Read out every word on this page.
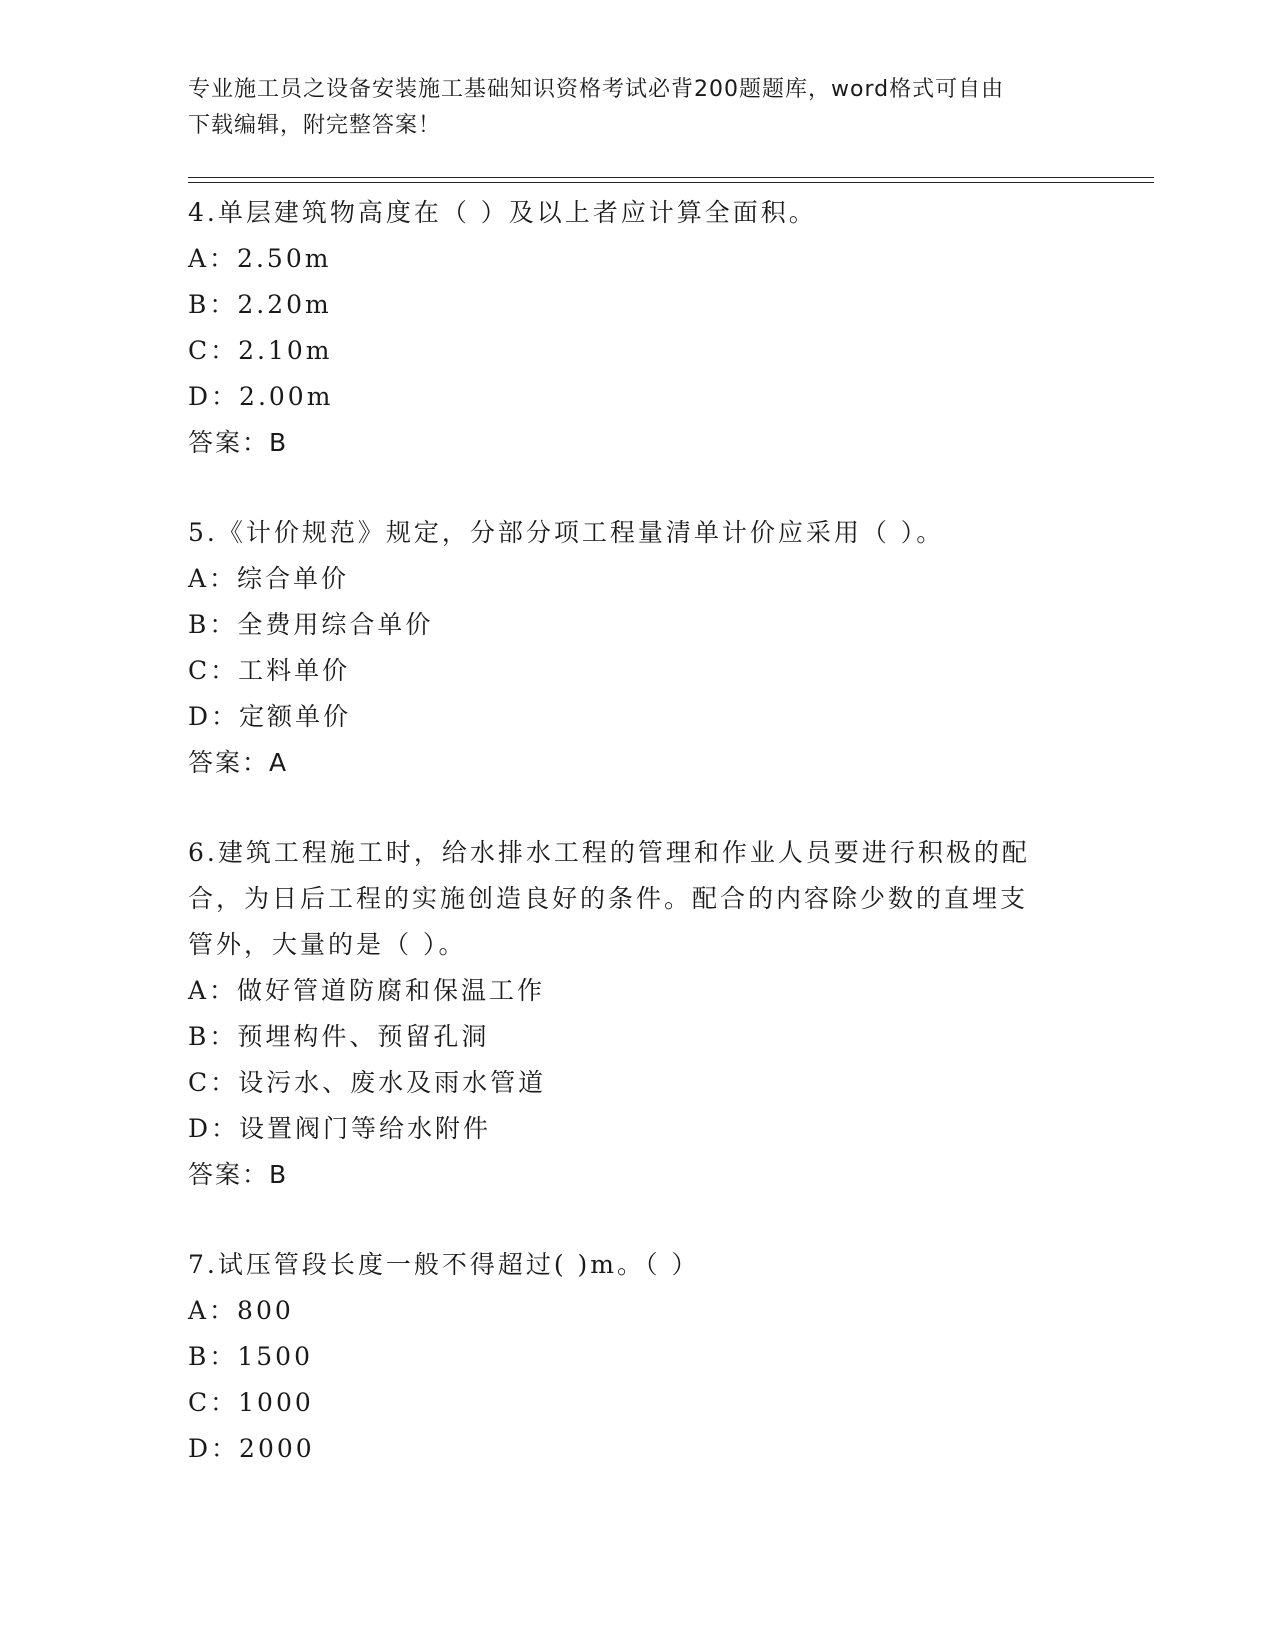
专业施工员之设备安装施工基础知识资格考试必背200题题库，word格式可自由
下载编辑，附完整答案！

4.单层建筑物高度在（ ）及以上者应计算全面积。

A：2.50m

B：2.20m

C：2.10m

D：2.00m

答案：B

5.《计价规范》规定，分部分项工程量清单计价应采用（ ）。

A：综合单价

B：全费用综合单价

C：工料单价

D：定额单价

答案：A

6.建筑工程施工时，给水排水工程的管理和作业人员要进行积极的配

合，为日后工程的实施创造良好的条件。配合的内容除少数的直埋支

管外，大量的是（ ）。

A：做好管道防腐和保温工作

B：预埋构件、预留孔洞

C：设污水、废水及雨水管道

D：设置阀门等给水附件

答案：B

7.试压管段长度一般不得超过( )m。（ ）

A：800

B：1500

C：1000

D：2000
